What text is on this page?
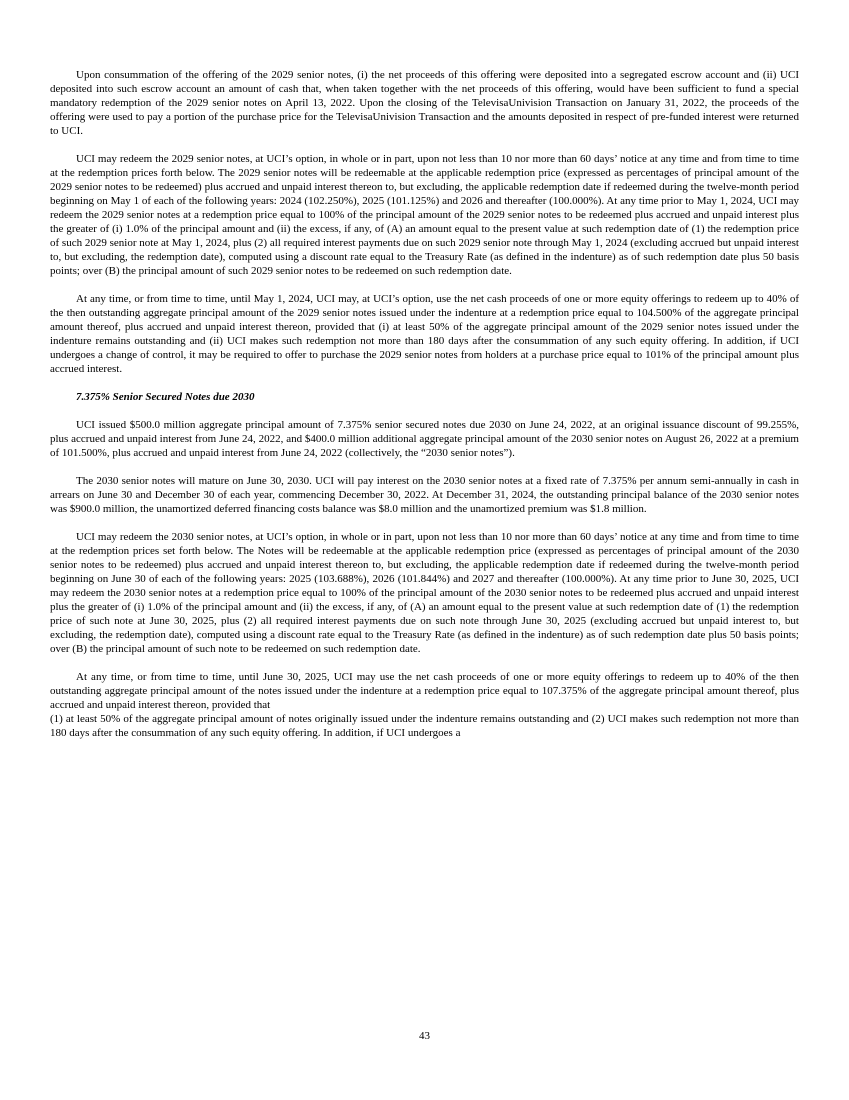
Upon consummation of the offering of the 2029 senior notes, (i) the net proceeds of this offering were deposited into a segregated escrow account and (ii) UCI deposited into such escrow account an amount of cash that, when taken together with the net proceeds of this offering, would have been sufficient to fund a special mandatory redemption of the 2029 senior notes on April 13, 2022. Upon the closing of the TelevisaUnivision Transaction on January 31, 2022, the proceeds of the offering were used to pay a portion of the purchase price for the TelevisaUnivision Transaction and the amounts deposited in respect of pre-funded interest were returned to UCI.

UCI may redeem the 2029 senior notes, at UCI’s option, in whole or in part, upon not less than 10 nor more than 60 days’ notice at any time and from time to time at the redemption prices forth below. The 2029 senior notes will be redeemable at the applicable redemption price (expressed as percentages of principal amount of the 2029 senior notes to be redeemed) plus accrued and unpaid interest thereon to, but excluding, the applicable redemption date if redeemed during the twelve-month period beginning on May 1 of each of the following years: 2024 (102.250%), 2025 (101.125%) and 2026 and thereafter (100.000%). At any time prior to May 1, 2024, UCI may redeem the 2029 senior notes at a redemption price equal to 100% of the principal amount of the 2029 senior notes to be redeemed plus accrued and unpaid interest plus the greater of (i) 1.0% of the principal amount and (ii) the excess, if any, of (A) an amount equal to the present value at such redemption date of (1) the redemption price of such 2029 senior note at May 1, 2024, plus (2) all required interest payments due on such 2029 senior note through May 1, 2024 (excluding accrued but unpaid interest to, but excluding, the redemption date), computed using a discount rate equal to the Treasury Rate (as defined in the indenture) as of such redemption date plus 50 basis points; over (B) the principal amount of such 2029 senior notes to be redeemed on such redemption date.

At any time, or from time to time, until May 1, 2024, UCI may, at UCI’s option, use the net cash proceeds of one or more equity offerings to redeem up to 40% of the then outstanding aggregate principal amount of the 2029 senior notes issued under the indenture at a redemption price equal to 104.500% of the aggregate principal amount thereof, plus accrued and unpaid interest thereon, provided that (i) at least 50% of the aggregate principal amount of the 2029 senior notes issued under the indenture remains outstanding and (ii) UCI makes such redemption not more than 180 days after the consummation of any such equity offering. In addition, if UCI undergoes a change of control, it may be required to offer to purchase the 2029 senior notes from holders at a purchase price equal to 101% of the principal amount plus accrued interest.

7.375% Senior Secured Notes due 2030

UCI issued $500.0 million aggregate principal amount of 7.375% senior secured notes due 2030 on June 24, 2022, at an original issuance discount of 99.255%, plus accrued and unpaid interest from June 24, 2022, and $400.0 million additional aggregate principal amount of the 2030 senior notes on August 26, 2022 at a premium of 101.500%, plus accrued and unpaid interest from June 24, 2022 (collectively, the “2030 senior notes”).

The 2030 senior notes will mature on June 30, 2030. UCI will pay interest on the 2030 senior notes at a fixed rate of 7.375% per annum semi-annually in cash in arrears on June 30 and December 30 of each year, commencing December 30, 2022. At December 31, 2024, the outstanding principal balance of the 2030 senior notes was $900.0 million, the unamortized deferred financing costs balance was $8.0 million and the unamortized premium was $1.8 million.

UCI may redeem the 2030 senior notes, at UCI’s option, in whole or in part, upon not less than 10 nor more than 60 days’ notice at any time and from time to time at the redemption prices set forth below. The Notes will be redeemable at the applicable redemption price (expressed as percentages of principal amount of the 2030 senior notes to be redeemed) plus accrued and unpaid interest thereon to, but excluding, the applicable redemption date if redeemed during the twelve-month period beginning on June 30 of each of the following years: 2025 (103.688%), 2026 (101.844%) and 2027 and thereafter (100.000%). At any time prior to June 30, 2025, UCI may redeem the 2030 senior notes at a redemption price equal to 100% of the principal amount of the 2030 senior notes to be redeemed plus accrued and unpaid interest plus the greater of (i) 1.0% of the principal amount and (ii) the excess, if any, of (A) an amount equal to the present value at such redemption date of (1) the redemption price of such note at June 30, 2025, plus (2) all required interest payments due on such note through June 30, 2025 (excluding accrued but unpaid interest to, but excluding, the redemption date), computed using a discount rate equal to the Treasury Rate (as defined in the indenture) as of such redemption date plus 50 basis points; over (B) the principal amount of such note to be redeemed on such redemption date.

At any time, or from time to time, until June 30, 2025, UCI may use the net cash proceeds of one or more equity offerings to redeem up to 40% of the then outstanding aggregate principal amount of the notes issued under the indenture at a redemption price equal to 107.375% of the aggregate principal amount thereof, plus accrued and unpaid interest thereon, provided that

(1) at least 50% of the aggregate principal amount of notes originally issued under the indenture remains outstanding and (2) UCI makes such redemption not more than 180 days after the consummation of any such equity offering. In addition, if UCI undergoes a

43
